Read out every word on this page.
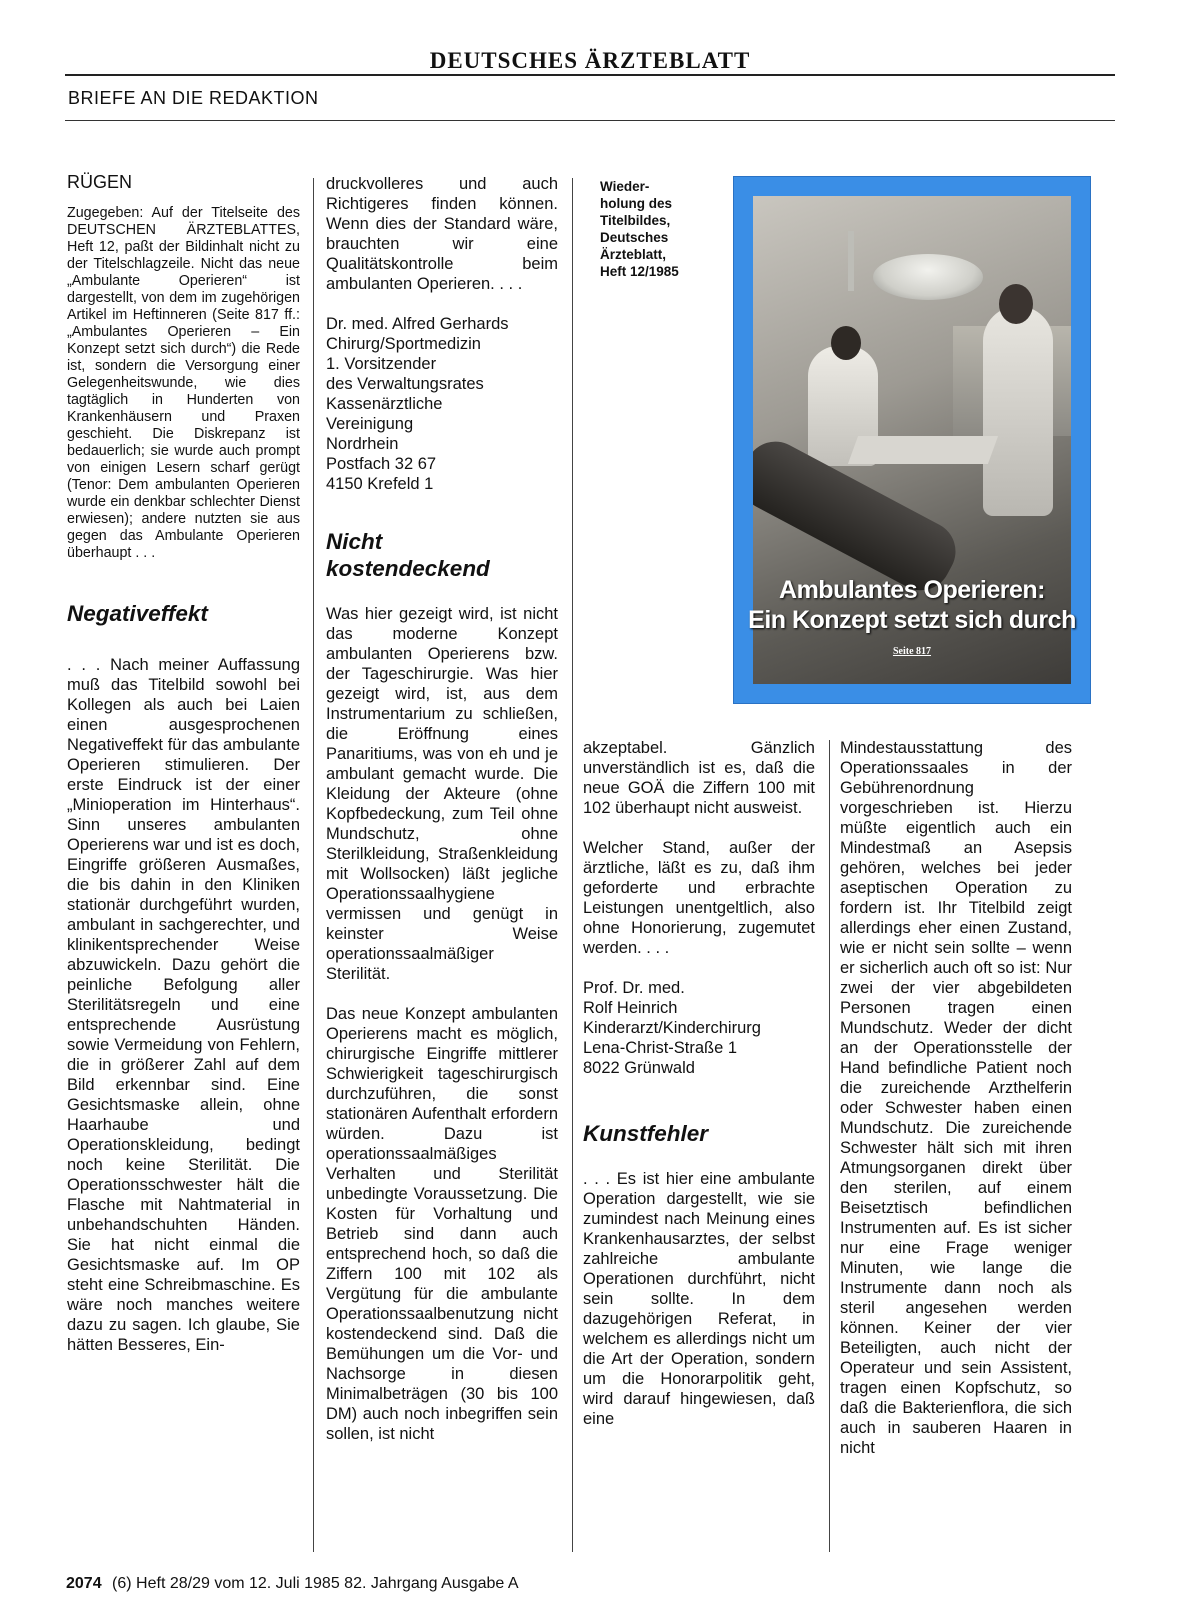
DEUTSCHES ÄRZTEBLATT
BRIEFE AN DIE REDAKTION
RÜGEN

Zugegeben: Auf der Titelseite des DEUTSCHEN ÄRZTEBLATTES, Heft 12, paßt der Bildinhalt nicht zu der Titelschlagzeile. Nicht das neue „Ambulante Operieren“ ist dargestellt, von dem im zugehörigen Artikel im Heftinneren (Seite 817 ff.: „Ambulantes Operieren – Ein Konzept setzt sich durch“) die Rede ist, sondern die Versorgung einer Gelegenheitswunde, wie dies tagtäglich in Hunderten von Krankenhäusern und Praxen geschieht. Die Diskrepanz ist bedauerlich; sie wurde auch prompt von einigen Lesern scharf gerügt (Tenor: Dem ambulanten Operieren wurde ein denkbar schlechter Dienst erwiesen); andere nutzten sie aus gegen das Ambulante Operieren überhaupt . . .

Negativeffekt

. . . Nach meiner Auffassung muß das Titelbild sowohl bei Kollegen als auch bei Laien einen ausgesprochenen Negativeffekt für das ambulante Operieren stimulieren. Der erste Eindruck ist der einer „Minioperation im Hinterhaus“. Sinn unseres ambulanten Operierens war und ist es doch, Eingriffe größeren Ausmaßes, die bis dahin in den Kliniken stationär durchgeführt wurden, ambulant in sachgerechter, und klinikentsprechender Weise abzuwickeln. Dazu gehört die peinliche Befolgung aller Sterilitätsregeln und eine entsprechende Ausrüstung sowie Vermeidung von Fehlern, die in größerer Zahl auf dem Bild erkennbar sind. Eine Gesichtsmaske allein, ohne Haarhaube und Operationskleidung, bedingt noch keine Sterilität. Die Operationsschwester hält die Flasche mit Nahtmaterial in unbehandschuhten Händen. Sie hat nicht einmal die Gesichtsmaske auf. Im OP steht eine Schreibmaschine. Es wäre noch manches weitere dazu zu sagen. Ich glaube, Sie hätten Besseres, Ein-

druckvolleres und auch Richtigeres finden können. Wenn dies der Standard wäre, brauchten wir eine Qualitätskontrolle beim ambulanten Operieren. . . .

Dr. med. Alfred Gerhards

Chirurg/Sportmedizin

1. Vorsitzender

des Verwaltungsrates

Kassenärztliche

Vereinigung

Nordrhein

Postfach 32 67

4150 Krefeld 1

Nicht kostendeckend

Was hier gezeigt wird, ist nicht das moderne Konzept ambulanten Operierens bzw. der Tageschirurgie. Was hier gezeigt wird, ist, aus dem Instrumentarium zu schließen, die Eröffnung eines Panaritiums, was von eh und je ambulant gemacht wurde. Die Kleidung der Akteure (ohne Kopfbedeckung, zum Teil ohne Mundschutz, ohne Sterilkleidung, Straßenkleidung mit Wollsocken) läßt jegliche Operationssaalhygiene vermissen und genügt in keinster Weise operationssaalmäßiger Sterilität.

Das neue Konzept ambulanten Operierens macht es möglich, chirurgische Eingriffe mittlerer Schwierigkeit tageschirurgisch durchzuführen, die sonst stationären Aufenthalt erfordern würden. Dazu ist operationssaalmäßiges Verhalten und Sterilität unbedingte Voraussetzung. Die Kosten für Vorhaltung und Betrieb sind dann auch entsprechend hoch, so daß die Ziffern 100 mit 102 als Vergütung für die ambulante Operationssaalbenutzung nicht kostendeckend sind. Daß die Bemühungen um die Vor- und Nachsorge in diesen Minimalbeträgen (30 bis 100 DM) auch noch inbegriffen sein sollen, ist nicht

Wieder-
holung des
Titelbildes,
Deutsches
Ärzteblatt,
Heft 12/1985
Ambulantes Operieren:
Ein Konzept setzt sich durch
Seite 817

akzeptabel. Gänzlich unverständlich ist es, daß die neue GOÄ die Ziffern 100 mit 102 überhaupt nicht ausweist.

Welcher Stand, außer der ärztliche, läßt es zu, daß ihm geforderte und erbrachte Leistungen unentgeltlich, also ohne Honorierung, zugemutet werden. . . .

Prof. Dr. med.

Rolf Heinrich

Kinderarzt/Kinderchirurg

Lena-Christ-Straße 1

8022 Grünwald

Kunstfehler

. . . Es ist hier eine ambulante Operation dargestellt, wie sie zumindest nach Meinung eines Krankenhausarztes, der selbst zahlreiche ambulante Operationen durchführt, nicht sein sollte. In dem dazugehörigen Referat, in welchem es allerdings nicht um die Art der Operation, sondern um die Honorarpolitik geht, wird darauf hingewiesen, daß eine

Mindestausstattung des Operationssaales in der Gebührenordnung vorgeschrieben ist. Hierzu müßte eigentlich auch ein Mindestmaß an Asepsis gehören, welches bei jeder aseptischen Operation zu fordern ist. Ihr Titelbild zeigt allerdings eher einen Zustand, wie er nicht sein sollte – wenn er sicherlich auch oft so ist: Nur zwei der vier abgebildeten Personen tragen einen Mundschutz. Weder der dicht an der Operationsstelle der Hand befindliche Patient noch die zureichende Arzthelferin oder Schwester haben einen Mundschutz. Die zureichende Schwester hält sich mit ihren Atmungsorganen direkt über den sterilen, auf einem Beisetztisch befindlichen Instrumenten auf. Es ist sicher nur eine Frage weniger Minuten, wie lange die Instrumente dann noch als steril angesehen werden können. Keiner der vier Beteiligten, auch nicht der Operateur und sein Assistent, tragen einen Kopfschutz, so daß die Bakterienflora, die sich auch in sauberen Haaren in nicht

2074 (6) Heft 28/29 vom 12. Juli 1985 82. Jahrgang Ausgabe A
